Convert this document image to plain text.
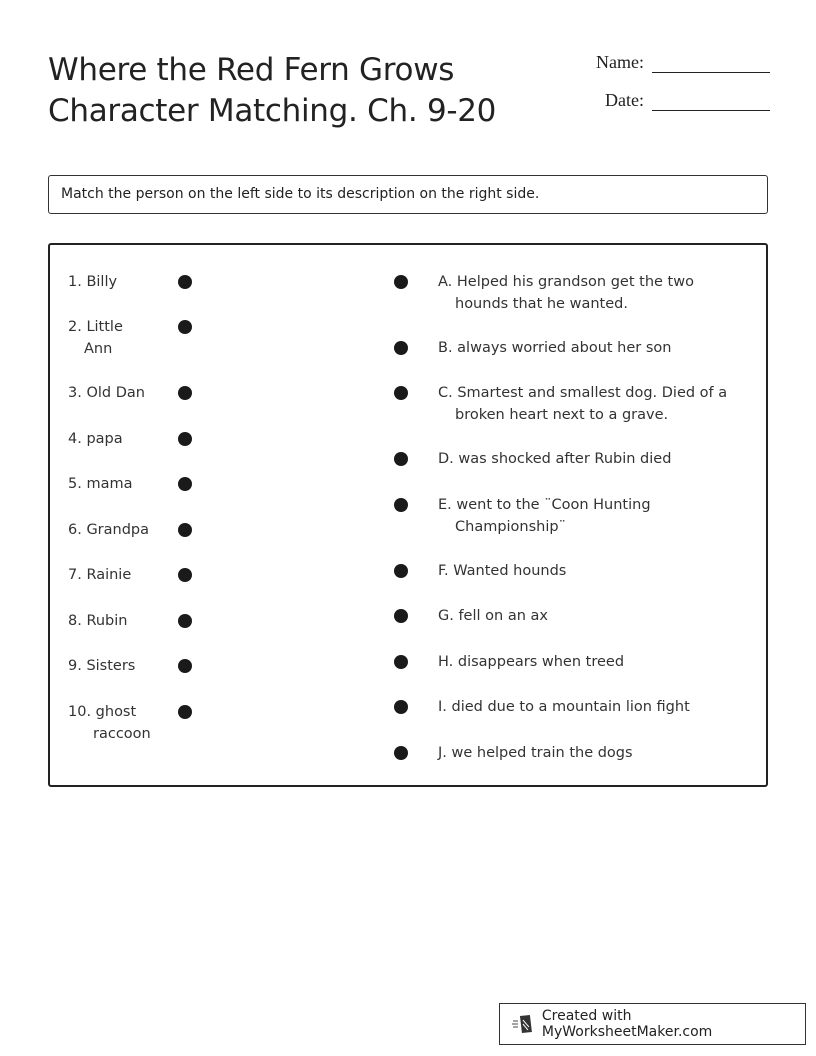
Where the Red Fern Grows
Character Matching. Ch. 9-20
Name:
Date:
Match the person on the left side to its description on the right side.
1. Billy
2. Little
Ann
3. Old Dan
4. papa
5. mama
6. Grandpa
7. Rainie
8. Rubin
9. Sisters
10. ghost
raccoon
A. Helped his grandson get the two hounds that he wanted.
B. always worried about her son
C. Smartest and smallest dog. Died of a broken heart next to a grave.
D. was shocked after Rubin died
E. went to the ¨Coon Hunting Championship¨
F. Wanted hounds
G. fell on an ax
H. disappears when treed
I. died due to a mountain lion fight
J. we helped train the dogs
Created with MyWorksheetMaker.com
